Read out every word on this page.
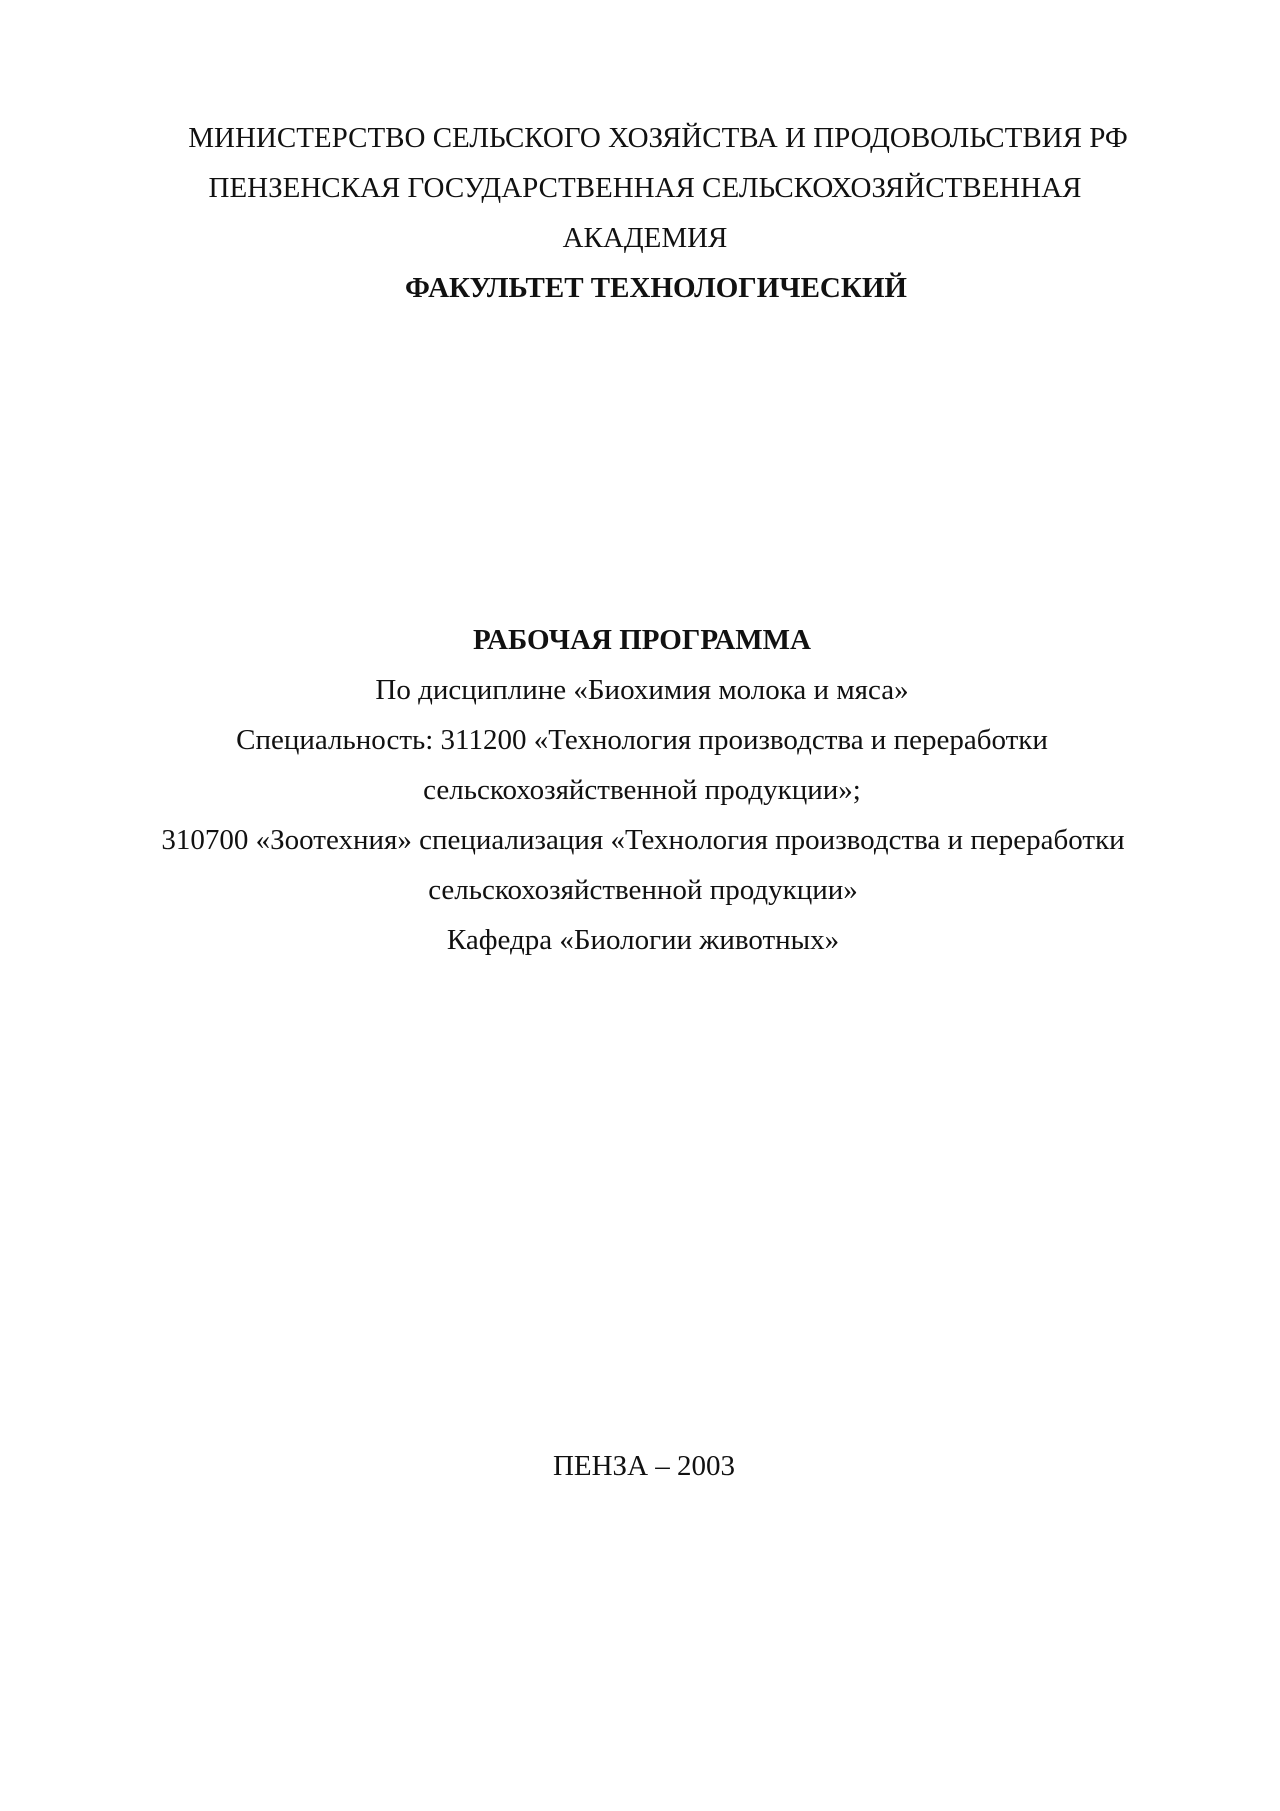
МИНИСТЕРСТВО СЕЛЬСКОГО ХОЗЯЙСТВА И ПРОДОВОЛЬСТВИЯ РФ
ПЕНЗЕНСКАЯ ГОСУДАРСТВЕННАЯ СЕЛЬСКОХОЗЯЙСТВЕННАЯ
АКАДЕМИЯ
ФАКУЛЬТЕТ ТЕХНОЛОГИЧЕСКИЙ
РАБОЧАЯ ПРОГРАММА
По дисциплине «Биохимия молока и мяса»
Специальность: 311200 «Технология производства и переработки
сельскохозяйственной продукции»;
310700 «Зоотехния» специализация «Технология производства и переработки
сельскохозяйственной продукции»
Кафедра «Биологии животных»
ПЕНЗА – 2003
